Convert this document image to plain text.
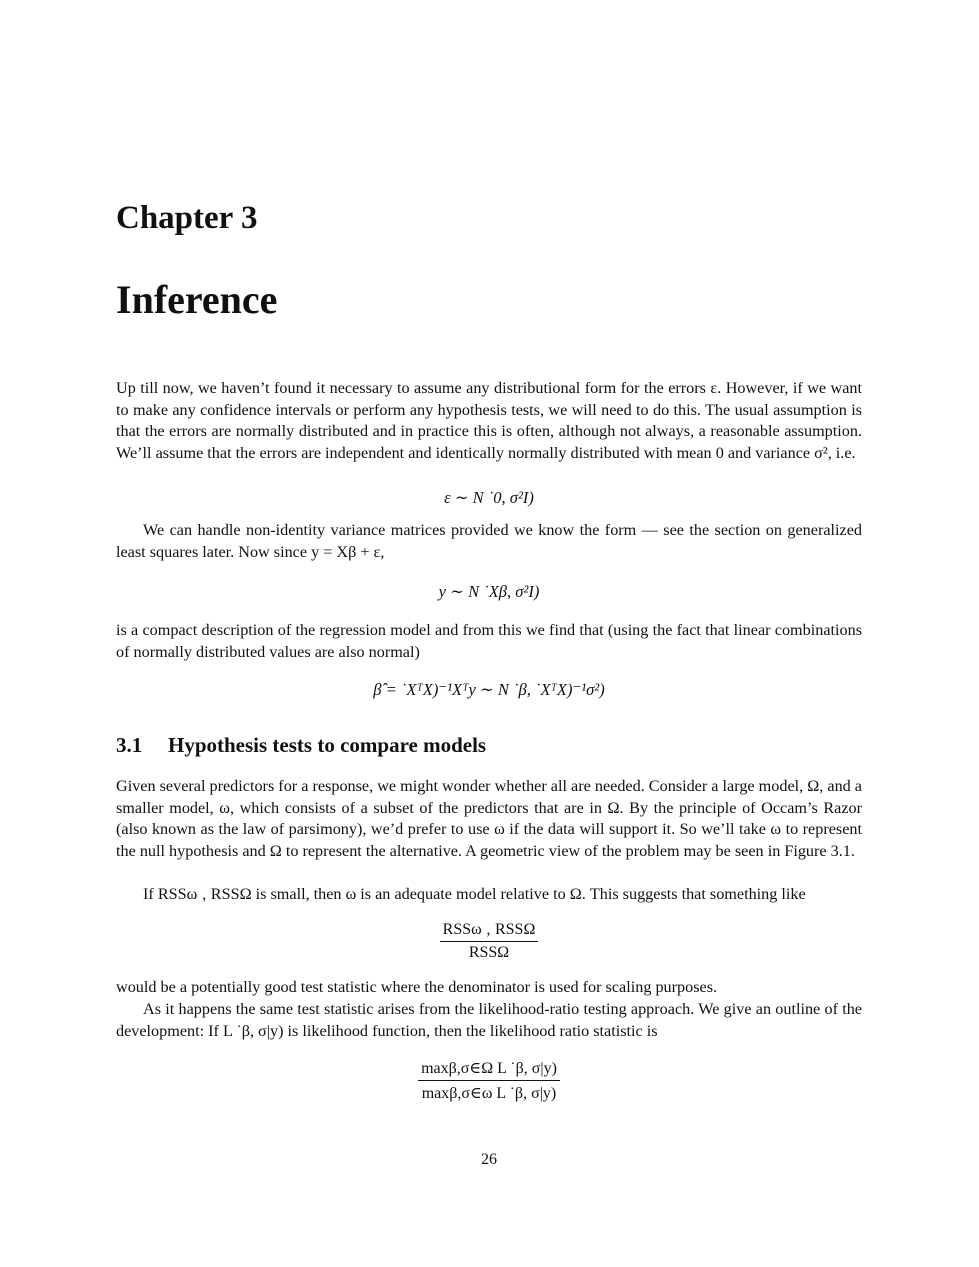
Chapter 3
Inference

Up till now, we haven’t found it necessary to assume any distributional form for the errors ε. However, if we want to make any confidence intervals or perform any hypothesis tests, we will need to do this. The usual assumption is that the errors are normally distributed and in practice this is often, although not always, a reasonable assumption. We’ll assume that the errors are independent and identically normally distributed with mean 0 and variance σ², i.e.

ε ∼ N ˙0, σ²I)

We can handle non-identity variance matrices provided we know the form — see the section on generalized least squares later. Now since y = Xβ + ε,

y ∼ N ˙Xβ, σ²I)

is a compact description of the regression model and from this we find that (using the fact that linear combinations of normally distributed values are also normal)

β̂ = ˙XᵀX)⁻¹Xᵀy ∼ N ˙β, ˙XᵀX)⁻¹σ²)
3.1 Hypothesis tests to compare models

Given several predictors for a response, we might wonder whether all are needed. Consider a large model, Ω, and a smaller model, ω, which consists of a subset of the predictors that are in Ω. By the principle of Occam’s Razor (also known as the law of parsimony), we’d prefer to use ω if the data will support it. So we’ll take ω to represent the null hypothesis and Ω to represent the alternative. A geometric view of the problem may be seen in Figure 3.1.

If RSSω ‚ RSSΩ is small, then ω is an adequate model relative to Ω. This suggests that something like

$\frac{\text{RSSω ‚ RSSΩ}}{\text{RSSΩ}}$

would be a potentially good test statistic where the denominator is used for scaling purposes.

As it happens the same test statistic arises from the likelihood-ratio testing approach. We give an outline of the development: If L ˙β, σ|y) is likelihood function, then the likelihood ratio statistic is

$\frac{\text{maxβ,σ∈Ω L ˙β, σ|y)}}{\text{maxβ,σ∈ω L ˙β, σ|y)}}$
26
